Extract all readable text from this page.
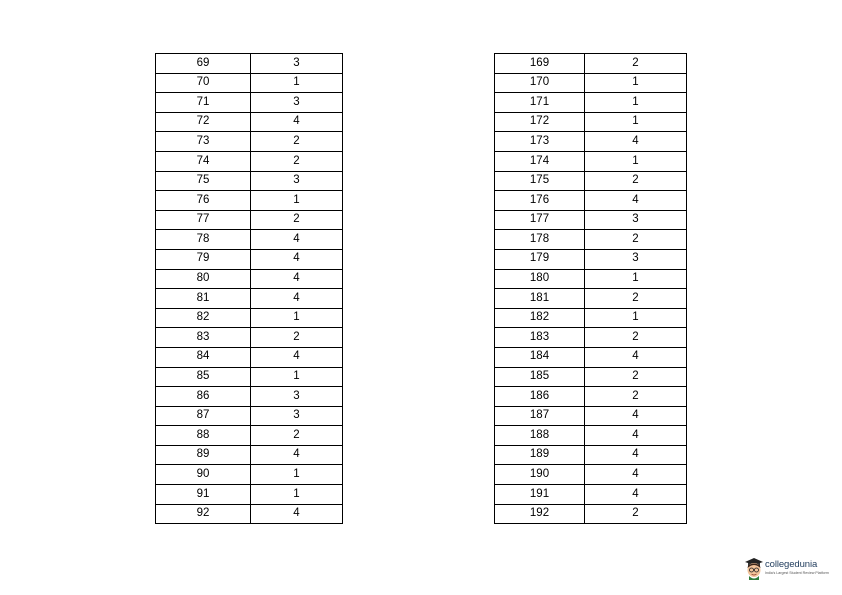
69	3
70	1
71	3
72	4
73	2
74	2
75	3
76	1
77	2
78	4
79	4
80	4
81	4
82	1
83	2
84	4
85	1
86	3
87	3
88	2
89	4
90	1
91	1
92	4
169	2
170	1
171	1
172	1
173	4
174	1
175	2
176	4
177	3
178	2
179	3
180	1
181	2
182	1
183	2
184	4
185	2
186	2
187	4
188	4
189	4
190	4
191	4
192	2
collegedunia
India's Largest Student Review Platform
